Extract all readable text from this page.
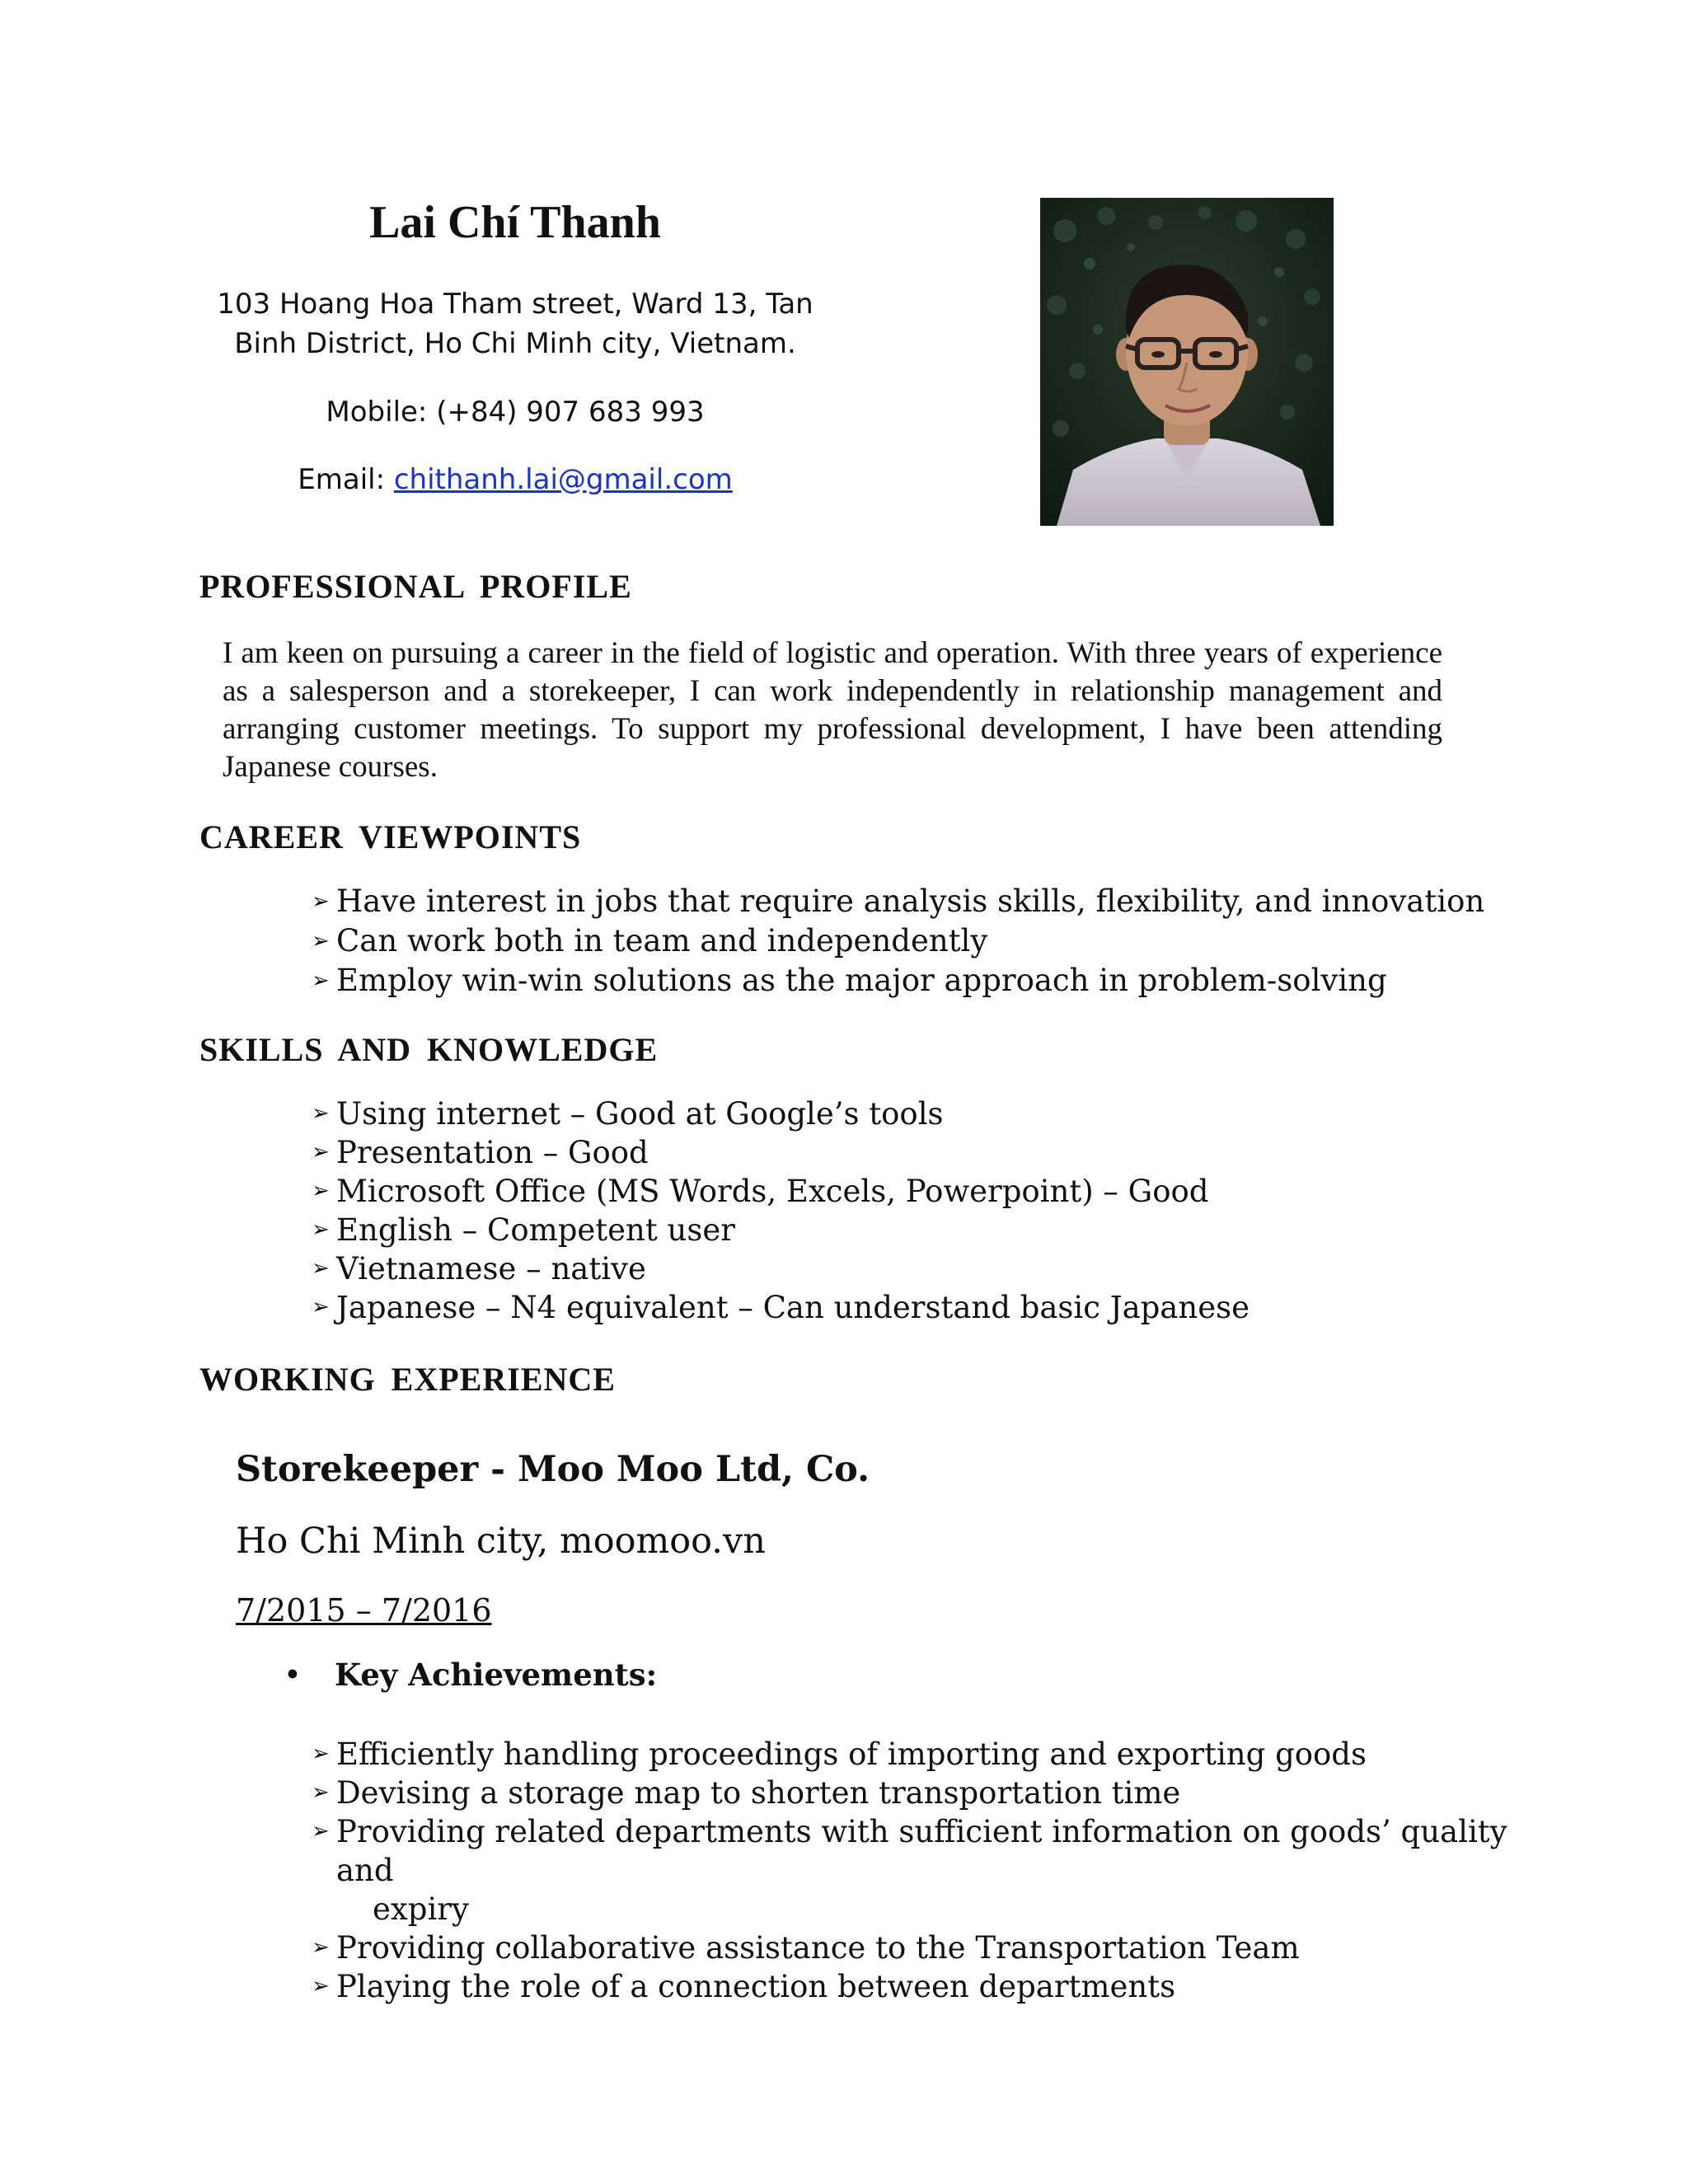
Lai Chí Thanh
103 Hoang Hoa Tham street, Ward 13, Tan
Binh District, Ho Chi Minh city, Vietnam.
Mobile: (+84) 907 683 993
Email: chithanh.lai@gmail.com
PROFESSIONAL PROFILE

I am keen on pursuing a career in the field of logistic and operation. With three years of experience as a salesperson and a storekeeper, I can work independently in relationship management and arranging customer meetings. To support my professional development, I have been attending Japanese courses.

CAREER VIEWPOINTS
➢ Have interest in jobs that require analysis skills, flexibility, and innovation
➢ Can work both in team and independently
➢ Employ win-win solutions as the major approach in problem-solving
SKILLS AND KNOWLEDGE
➢ Using internet – Good at Google’s tools
➢ Presentation – Good
➢ Microsoft Office (MS Words, Excels, Powerpoint) – Good
➢ English – Competent user
➢ Vietnamese – native
➢ Japanese – N4 equivalent – Can understand basic Japanese
WORKING EXPERIENCE
Storekeeper - Moo Moo Ltd, Co.
Ho Chi Minh city, moomoo.vn
7/2015 – 7/2016
• Key Achievements:
➢ Efficiently handling proceedings of importing and exporting goods
➢ Devising a storage map to shorten transportation time
➢ Providing related departments with sufficient information on goods’ quality and
expiry
➢ Providing collaborative assistance to the Transportation Team
➢ Playing the role of a connection between departments
